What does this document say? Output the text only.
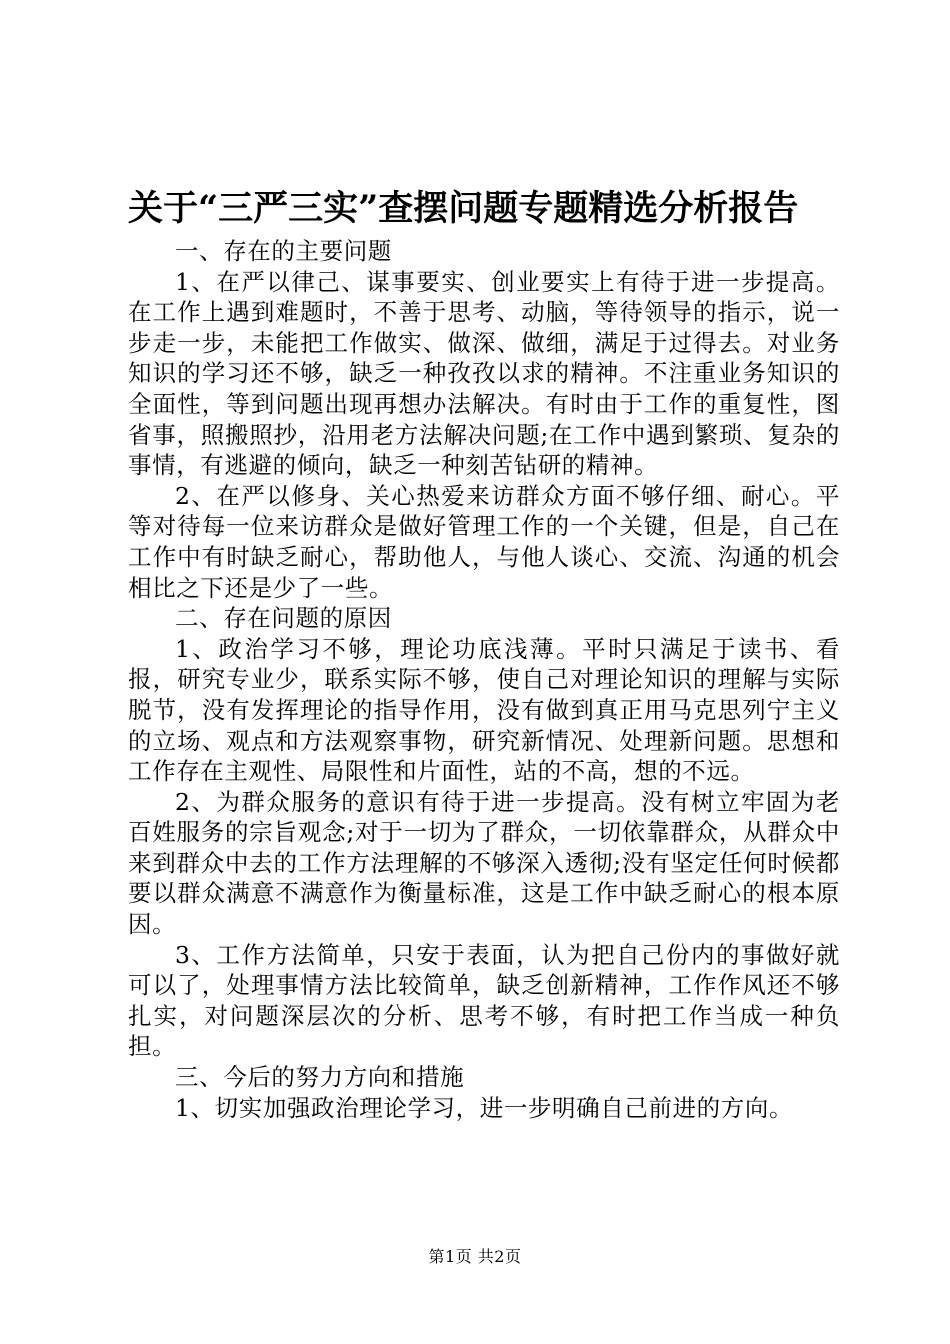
关于“三严三实”查摆问题专题精选分析报告

一、存在的主要问题

1、在严以律己、谋事要实、创业要实上有待于进一步提高。在工作上遇到难题时，不善于思考、动脑，等待领导的指示，说一步走一步，未能把工作做实、做深、做细，满足于过得去。对业务知识的学习还不够，缺乏一种孜孜以求的精神。不注重业务知识的全面性，等到问题出现再想办法解决。有时由于工作的重复性，图省事，照搬照抄，沿用老方法解决问题;在工作中遇到繁琐、复杂的事情，有逃避的倾向，缺乏一种刻苦钻研的精神。

2、在严以修身、关心热爱来访群众方面不够仔细、耐心。平等对待每一位来访群众是做好管理工作的一个关键，但是，自己在工作中有时缺乏耐心，帮助他人，与他人谈心、交流、沟通的机会相比之下还是少了一些。

二、存在问题的原因

1、政治学习不够，理论功底浅薄。平时只满足于读书、看报，研究专业少，联系实际不够，使自己对理论知识的理解与实际脱节，没有发挥理论的指导作用，没有做到真正用马克思列宁主义的立场、观点和方法观察事物，研究新情况、处理新问题。思想和工作存在主观性、局限性和片面性，站的不高，想的不远。

2、为群众服务的意识有待于进一步提高。没有树立牢固为老百姓服务的宗旨观念;对于一切为了群众，一切依靠群众，从群众中来到群众中去的工作方法理解的不够深入透彻;没有坚定任何时候都要以群众满意不满意作为衡量标准，这是工作中缺乏耐心的根本原因。

3、工作方法简单，只安于表面，认为把自己份内的事做好就可以了，处理事情方法比较简单，缺乏创新精神，工作作风还不够扎实，对问题深层次的分析、思考不够，有时把工作当成一种负担。

三、今后的努力方向和措施

1、切实加强政治理论学习，进一步明确自己前进的方向。

第1页 共2页
